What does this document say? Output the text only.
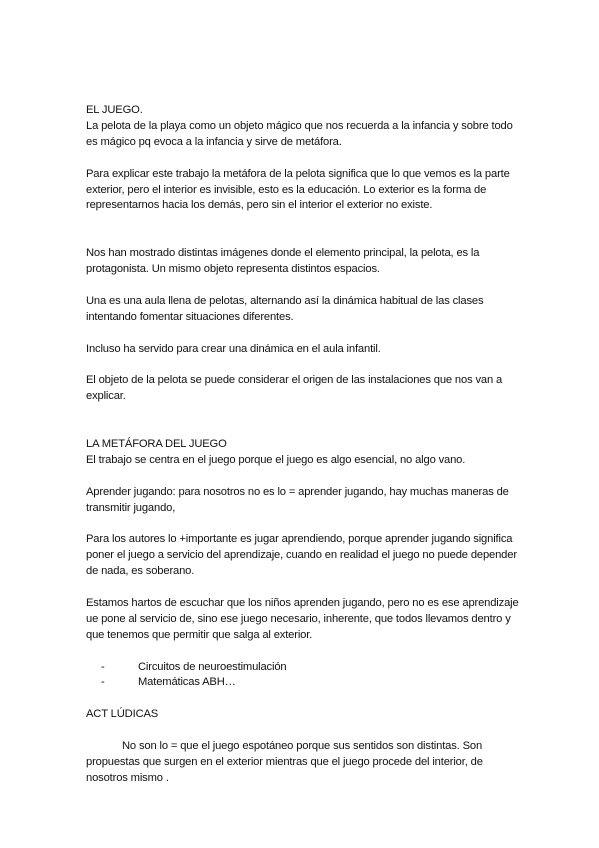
EL JUEGO.

La pelota de la playa como un objeto mágico que nos recuerda a la infancia y sobre todo es mágico pq evoca a la infancia y sirve de metáfora.

Para explicar este trabajo la metáfora de la pelota significa que lo que vemos es la parte exterior, pero el interior es invisible, esto es la educación. Lo exterior es la forma de representarnos hacia los demás, pero sin el interior el exterior no existe.

Nos han mostrado distintas imágenes donde el elemento principal, la pelota, es la protagonista. Un mismo objeto representa distintos espacios.

Una es una aula llena de pelotas, alternando así la dinámica habitual de las clases intentando fomentar situaciones diferentes.

Incluso ha servido para crear una dinámica en el aula infantil.

El objeto de la pelota se puede considerar el origen de las instalaciones que nos van a explicar.

LA METÁFORA DEL JUEGO

El trabajo se centra en el juego porque el juego es algo esencial, no algo vano.

Aprender jugando: para nosotros no es lo = aprender jugando, hay muchas maneras de transmitir jugando,

Para los autores lo +importante es jugar aprendiendo, porque aprender jugando significa poner el juego a servicio del aprendizaje, cuando en realidad el juego no puede depender de nada, es soberano.

Estamos hartos de escuchar que los niños aprenden jugando, pero no es ese aprendizaje ue pone al servicio de, sino ese juego necesario, inherente, que todos llevamos dentro y que tenemos que permitir que salga al exterior.

-	Circuitos de neuroestimulación
-	Matemáticas ABH…

ACT LÚDICAS

No son lo = que el juego espotáneo porque sus sentidos son distintas. Son propuestas que surgen en el exterior mientras que el juego procede del interior, de nosotros mismo .
